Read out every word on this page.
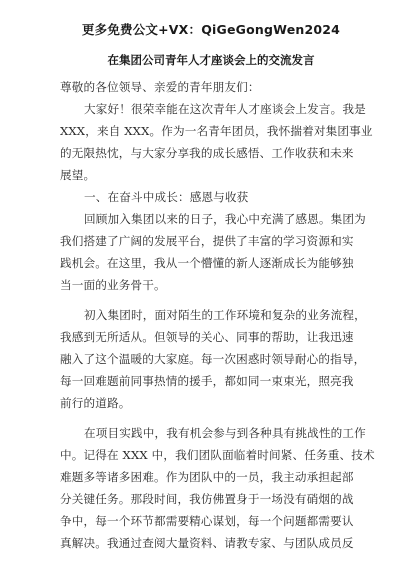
更多免费公文+VX：QiGeGongWen2024
在集团公司青年人才座谈会上的交流发言
尊敬的各位领导、亲爱的青年朋友们：
大家好！很荣幸能在这次青年人才座谈会上发言。我是
XXX，来自 XXX。作为一名青年团员，我怀揣着对集团事业
的无限热忱，与大家分享我的成长感悟、工作收获和未来
展望。
一、在奋斗中成长：感恩与收获
回顾加入集团以来的日子，我心中充满了感恩。集团为
我们搭建了广阔的发展平台，提供了丰富的学习资源和实
践机会。在这里，我从一个懵懂的新人逐渐成长为能够独
当一面的业务骨干。
初入集团时，面对陌生的工作环境和复杂的业务流程，
我感到无所适从。但领导的关心、同事的帮助，让我迅速
融入了这个温暖的大家庭。每一次困惑时领导耐心的指导，
每一回难题前同事热情的援手，都如同一束束光，照亮我
前行的道路。
在项目实践中，我有机会参与到各种具有挑战性的工作
中。记得在 XXX 中，我们团队面临着时间紧、任务重、技术
难题多等诸多困难。作为团队中的一员，我主动承担起部
分关键任务。那段时间，我仿佛置身于一场没有硝烟的战
争中，每一个环节都需要精心谋划，每一个问题都需要认
真解决。我通过查阅大量资料、请教专家、与团队成员反
